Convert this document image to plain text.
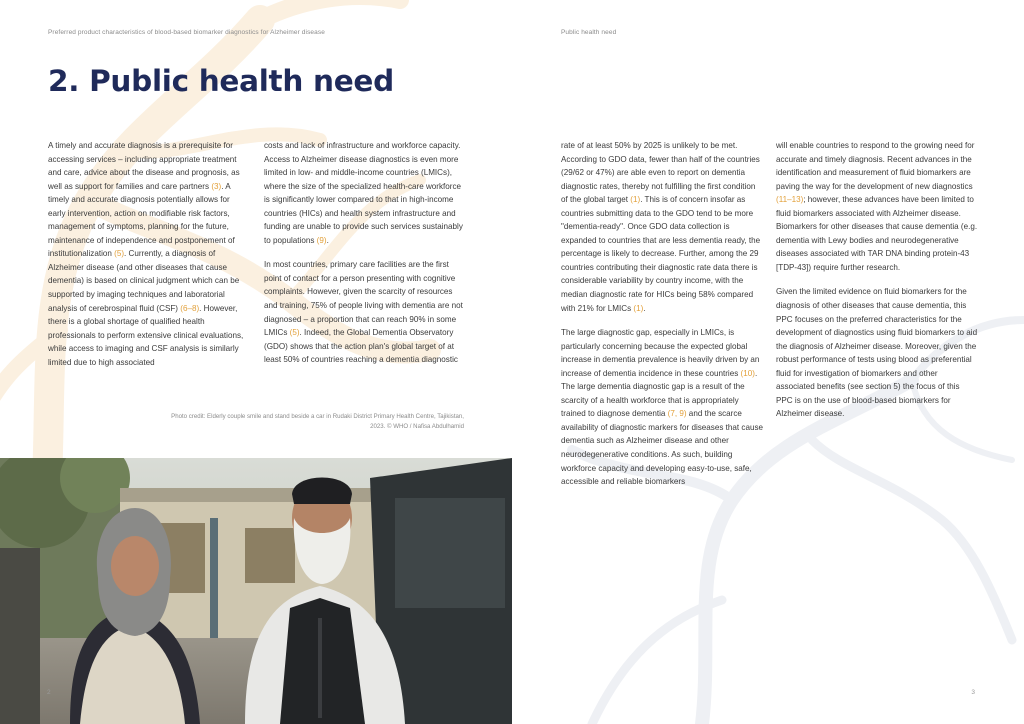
Preferred product characteristics of blood-based biomarker diagnostics for Alzheimer disease
2. Public health need

A timely and accurate diagnosis is a prerequisite for accessing services – including appropriate treatment and care, advice about the disease and prognosis, as well as support for families and care partners (3). A timely and accurate diagnosis potentially allows for early intervention, action on modifiable risk factors, management of symptoms, planning for the future, maintenance of independence and postponement of institutionalization (5). Currently, a diagnosis of Alzheimer disease (and other diseases that cause dementia) is based on clinical judgment which can be supported by imaging techniques and laboratorial analysis of cerebrospinal fluid (CSF) (6–8). However, there is a global shortage of qualified health professionals to perform extensive clinical evaluations, while access to imaging and CSF analysis is similarly limited due to high associated

costs and lack of infrastructure and workforce capacity. Access to Alzheimer disease diagnostics is even more limited in low- and middle-income countries (LMICs), where the size of the specialized health-care workforce is significantly lower compared to that in high-income countries (HICs) and health system infrastructure and funding are unable to provide such services sustainably to populations (9).

In most countries, primary care facilities are the first point of contact for a person presenting with cognitive complaints. However, given the scarcity of resources and training, 75% of people living with dementia are not diagnosed – a proportion that can reach 90% in some LMICs (5). Indeed, the Global Dementia Observatory (GDO) shows that the action plan's global target of at least 50% of countries reaching a dementia diagnostic

Photo credit: Elderly couple smile and stand beside a car in Rudaki District Primary Health Centre, Tajikistan, 2023. © WHO / Nafisa Abdulhamid
2
Public health need

rate of at least 50% by 2025 is unlikely to be met. According to GDO data, fewer than half of the countries (29/62 or 47%) are able even to report on dementia diagnostic rates, thereby not fulfilling the first condition of the global target (1). This is of concern insofar as countries submitting data to the GDO tend to be more "dementia-ready". Once GDO data collection is expanded to countries that are less dementia ready, the percentage is likely to decrease. Further, among the 29 countries contributing their diagnostic rate data there is considerable variability by country income, with the median diagnostic rate for HICs being 58% compared with 21% for LMICs (1).

The large diagnostic gap, especially in LMICs, is particularly concerning because the expected global increase in dementia prevalence is heavily driven by an increase of dementia incidence in these countries (10). The large dementia diagnostic gap is a result of the scarcity of a health workforce that is appropriately trained to diagnose dementia (7, 9) and the scarce availability of diagnostic markers for diseases that cause dementia such as Alzheimer disease and other neurodegenerative conditions. As such, building workforce capacity and developing easy-to-use, safe, accessible and reliable biomarkers

will enable countries to respond to the growing need for accurate and timely diagnosis. Recent advances in the identification and measurement of fluid biomarkers are paving the way for the development of new diagnostics (11–13); however, these advances have been limited to fluid biomarkers associated with Alzheimer disease. Biomarkers for other diseases that cause dementia (e.g. dementia with Lewy bodies and neurodegenerative diseases associated with TAR DNA binding protein-43 [TDP-43]) require further research.

Given the limited evidence on fluid biomarkers for the diagnosis of other diseases that cause dementia, this PPC focuses on the preferred characteristics for the development of diagnostics using fluid biomarkers to aid the diagnosis of Alzheimer disease. Moreover, given the robust performance of tests using blood as preferential fluid for investigation of biomarkers and other associated benefits (see section 5) the focus of this PPC is on the use of blood-based biomarkers for Alzheimer disease.

3
